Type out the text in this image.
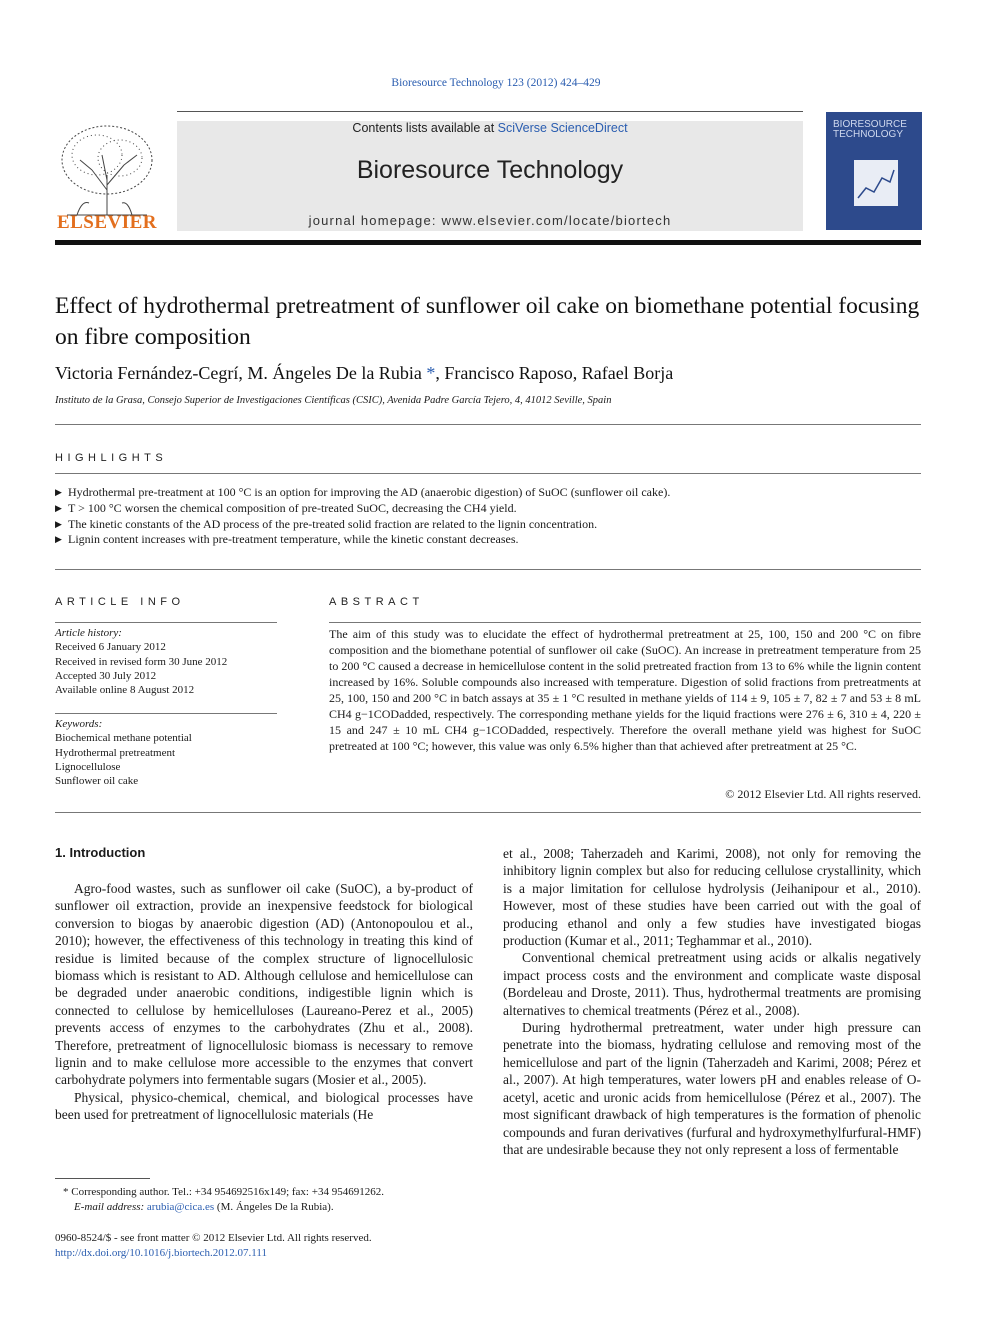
Bioresource Technology 123 (2012) 424–429
ELSEVIER
Contents lists available at SciVerse ScienceDirect
Bioresource Technology
journal homepage: www.elsevier.com/locate/biortech
BIORESOURCE
TECHNOLOGY
Effect of hydrothermal pretreatment of sunflower oil cake on biomethane potential focusing on fibre composition
Victoria Fernández-Cegrí, M. Ángeles De la Rubia *, Francisco Raposo, Rafael Borja
Instituto de la Grasa, Consejo Superior de Investigaciones Científicas (CSIC), Avenida Padre García Tejero, 4, 41012 Seville, Spain
HIGHLIGHTS
▶ Hydrothermal pre-treatment at 100 °C is an option for improving the AD (anaerobic digestion) of SuOC (sunflower oil cake).
▶ T > 100 °C worsen the chemical composition of pre-treated SuOC, decreasing the CH4 yield.
▶ The kinetic constants of the AD process of the pre-treated solid fraction are related to the lignin concentration.
▶ Lignin content increases with pre-treatment temperature, while the kinetic constant decreases.
ARTICLE INFO
Article history:
Received 6 January 2012
Received in revised form 30 June 2012
Accepted 30 July 2012
Available online 8 August 2012
Keywords:
Biochemical methane potential
Hydrothermal pretreatment
Lignocellulose
Sunflower oil cake
ABSTRACT
The aim of this study was to elucidate the effect of hydrothermal pretreatment at 25, 100, 150 and 200 °C on fibre composition and the biomethane potential of sunflower oil cake (SuOC). An increase in pretreatment temperature from 25 to 200 °C caused a decrease in hemicellulose content in the solid pretreated fraction from 13 to 6% while the lignin content increased by 16%. Soluble compounds also increased with temperature. Digestion of solid fractions from pretreatments at 25, 100, 150 and 200 °C in batch assays at 35 ± 1 °C resulted in methane yields of 114 ± 9, 105 ± 7, 82 ± 7 and 53 ± 8 mL CH4 g−1CODadded, respectively. The corresponding methane yields for the liquid fractions were 276 ± 6, 310 ± 4, 220 ± 15 and 247 ± 10 mL CH4 g−1CODadded, respectively. Therefore the overall methane yield was highest for SuOC pretreated at 100 °C; however, this value was only 6.5% higher than that achieved after pretreatment at 25 °C.
© 2012 Elsevier Ltd. All rights reserved.
1. Introduction

Agro-food wastes, such as sunflower oil cake (SuOC), a by-product of sunflower oil extraction, provide an inexpensive feedstock for biological conversion to biogas by anaerobic digestion (AD) (Antonopoulou et al., 2010); however, the effectiveness of this technology in treating this kind of residue is limited because of the complex structure of lignocellulosic biomass which is resistant to AD. Although cellulose and hemicellulose can be degraded under anaerobic conditions, indigestible lignin which is connected to cellulose by hemicelluloses (Laureano-Perez et al., 2005) prevents access of enzymes to the carbohydrates (Zhu et al., 2008). Therefore, pretreatment of lignocellulosic biomass is necessary to remove lignin and to make cellulose more accessible to the enzymes that convert carbohydrate polymers into fermentable sugars (Mosier et al., 2005).

Physical, physico-chemical, chemical, and biological processes have been used for pretreatment of lignocellulosic materials (He

et al., 2008; Taherzadeh and Karimi, 2008), not only for removing the inhibitory lignin complex but also for reducing cellulose crystallinity, which is a major limitation for cellulose hydrolysis (Jeihanipour et al., 2010). However, most of these studies have been carried out with the goal of producing ethanol and only a few studies have investigated biogas production (Kumar et al., 2011; Teghammar et al., 2010).

Conventional chemical pretreatment using acids or alkalis negatively impact process costs and the environment and complicate waste disposal (Bordeleau and Droste, 2011). Thus, hydrothermal treatments are promising alternatives to chemical treatments (Pérez et al., 2008).

During hydrothermal pretreatment, water under high pressure can penetrate into the biomass, hydrating cellulose and removing most of the hemicellulose and part of the lignin (Taherzadeh and Karimi, 2008; Pérez et al., 2007). At high temperatures, water lowers pH and enables release of O-acetyl, acetic and uronic acids from hemicellulose (Pérez et al., 2007). The most significant drawback of high temperatures is the formation of phenolic compounds and furan derivatives (furfural and hydroxymethylfurfural-HMF) that are undesirable because they not only represent a loss of fermentable

* Corresponding author. Tel.: +34 954692516x149; fax: +34 954691262.
E-mail address: arubia@cica.es (M. Ángeles De la Rubia).
0960-8524/$ - see front matter © 2012 Elsevier Ltd. All rights reserved.
http://dx.doi.org/10.1016/j.biortech.2012.07.111
